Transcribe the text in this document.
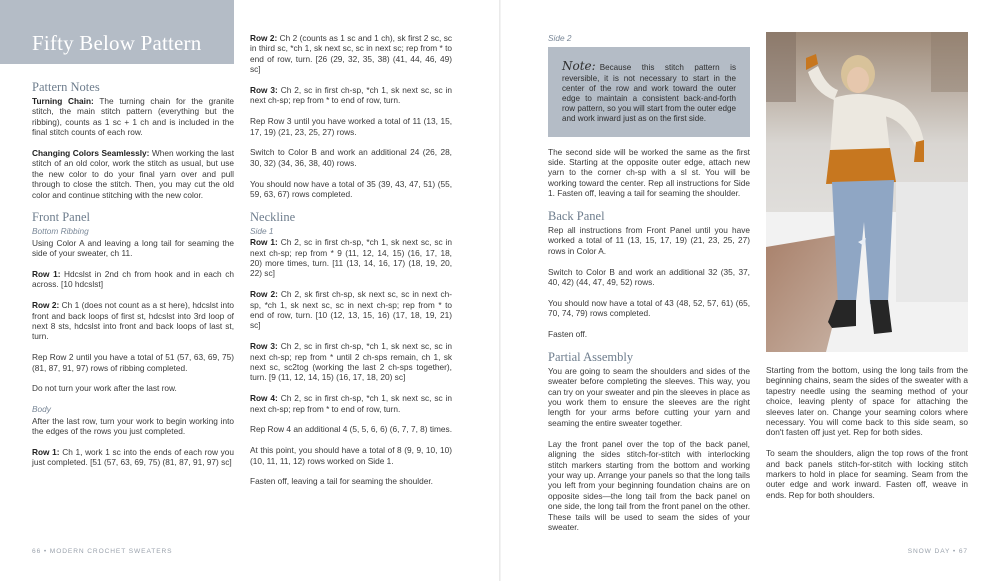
Fifty Below Pattern
Pattern Notes

Turning Chain: The turning chain for the granite stitch, the main stitch pattern (everything but the ribbing), counts as 1 sc + 1 ch and is included in the final stitch counts of each row.

Changing Colors Seamlessly: When working the last stitch of an old color, work the stitch as usual, but use the new color to do your final yarn over and pull through to close the stitch. Then, you may cut the old color and continue stitching with the new color.

Front Panel
Bottom Ribbing

Using Color A and leaving a long tail for seaming the side of your sweater, ch 11.

Row 1: Hdcslst in 2nd ch from hook and in each ch across. [10 hdcslst]

Row 2: Ch 1 (does not count as a st here), hdcslst into front and back loops of first st, hdcslst into 3rd loop of next 8 sts, hdcslst into front and back loops of last st, turn.

Rep Row 2 until you have a total of 51 (57, 63, 69, 75) (81, 87, 91, 97) rows of ribbing completed.

Do not turn your work after the last row.

Body

After the last row, turn your work to begin working into the edges of the rows you just completed.

Row 1: Ch 1, work 1 sc into the ends of each row you just completed. [51 (57, 63, 69, 75) (81, 87, 91, 97) sc]

Row 2: Ch 2 (counts as 1 sc and 1 ch), sk first 2 sc, sc in third sc, *ch 1, sk next sc, sc in next sc; rep from * to end of row, turn. [26 (29, 32, 35, 38) (41, 44, 46, 49) sc]

Row 3: Ch 2, sc in first ch-sp, *ch 1, sk next sc, sc in next ch-sp; rep from * to end of row, turn.

Rep Row 3 until you have worked a total of 11 (13, 15, 17, 19) (21, 23, 25, 27) rows.

Switch to Color B and work an additional 24 (26, 28, 30, 32) (34, 36, 38, 40) rows.

You should now have a total of 35 (39, 43, 47, 51) (55, 59, 63, 67) rows completed.

Neckline
Side 1

Row 1: Ch 2, sc in first ch-sp, *ch 1, sk next sc, sc in next ch-sp; rep from * 9 (11, 12, 14, 15) (16, 17, 18, 20) more times, turn. [11 (13, 14, 16, 17) (18, 19, 20, 22) sc]

Row 2: Ch 2, sk first ch-sp, sk next sc, sc in next ch-sp, *ch 1, sk next sc, sc in next ch-sp; rep from * to end of row, turn. [10 (12, 13, 15, 16) (17, 18, 19, 21) sc]

Row 3: Ch 2, sc in first ch-sp, *ch 1, sk next sc, sc in next ch-sp; rep from * until 2 ch-sps remain, ch 1, sk next sc, sc2tog (working the last 2 ch-sps together), turn. [9 (11, 12, 14, 15) (16, 17, 18, 20) sc]

Row 4: Ch 2, sc in first ch-sp, *ch 1, sk next sc, sc in next ch-sp; rep from * to end of row, turn.

Rep Row 4 an additional 4 (5, 5, 6, 6) (6, 7, 7, 8) times.

At this point, you should have a total of 8 (9, 9, 10, 10) (10, 11, 11, 12) rows worked on Side 1.

Fasten off, leaving a tail for seaming the shoulder.

Side 2
Note: Because this stitch pattern is reversible, it is not necessary to start in the center of the row and work toward the outer edge to maintain a consistent back-and-forth row pattern, so you will start from the outer edge and work inward just as on the first side.

The second side will be worked the same as the first side. Starting at the opposite outer edge, attach new yarn to the corner ch-sp with a sl st. You will be working toward the center. Rep all instructions for Side 1. Fasten off, leaving a tail for seaming the shoulder.

Back Panel

Rep all instructions from Front Panel until you have worked a total of 11 (13, 15, 17, 19) (21, 23, 25, 27) rows in Color A.

Switch to Color B and work an additional 32 (35, 37, 40, 42) (44, 47, 49, 52) rows.

You should now have a total of 43 (48, 52, 57, 61) (65, 70, 74, 79) rows completed.

Fasten off.

Partial Assembly

You are going to seam the shoulders and sides of the sweater before completing the sleeves. This way, you can try on your sweater and pin the sleeves in place as you work them to ensure the sleeves are the right length for your arms before cutting your yarn and seaming the entire sweater together.

Lay the front panel over the top of the back panel, aligning the sides stitch-for-stitch with interlocking stitch markers starting from the bottom and working your way up. Arrange your panels so that the long tails you left from your beginning foundation chains are on opposite sides—the long tail from the back panel on one side, the long tail from the front panel on the other. These tails will be used to seam the sides of your sweater.

Starting from the bottom, using the long tails from the beginning chains, seam the sides of the sweater with a tapestry needle using the seaming method of your choice, leaving plenty of space for attaching the sleeves later on. Change your seaming colors where necessary. You will come back to this side seam, so don't fasten off just yet. Rep for both sides.

To seam the shoulders, align the top rows of the front and back panels stitch-for-stitch with locking stitch markers to hold in place for seaming. Seam from the outer edge and work inward. Fasten off, weave in ends. Rep for both shoulders.

66 • MODERN CROCHET SWEATERS	SNOW DAY • 67
